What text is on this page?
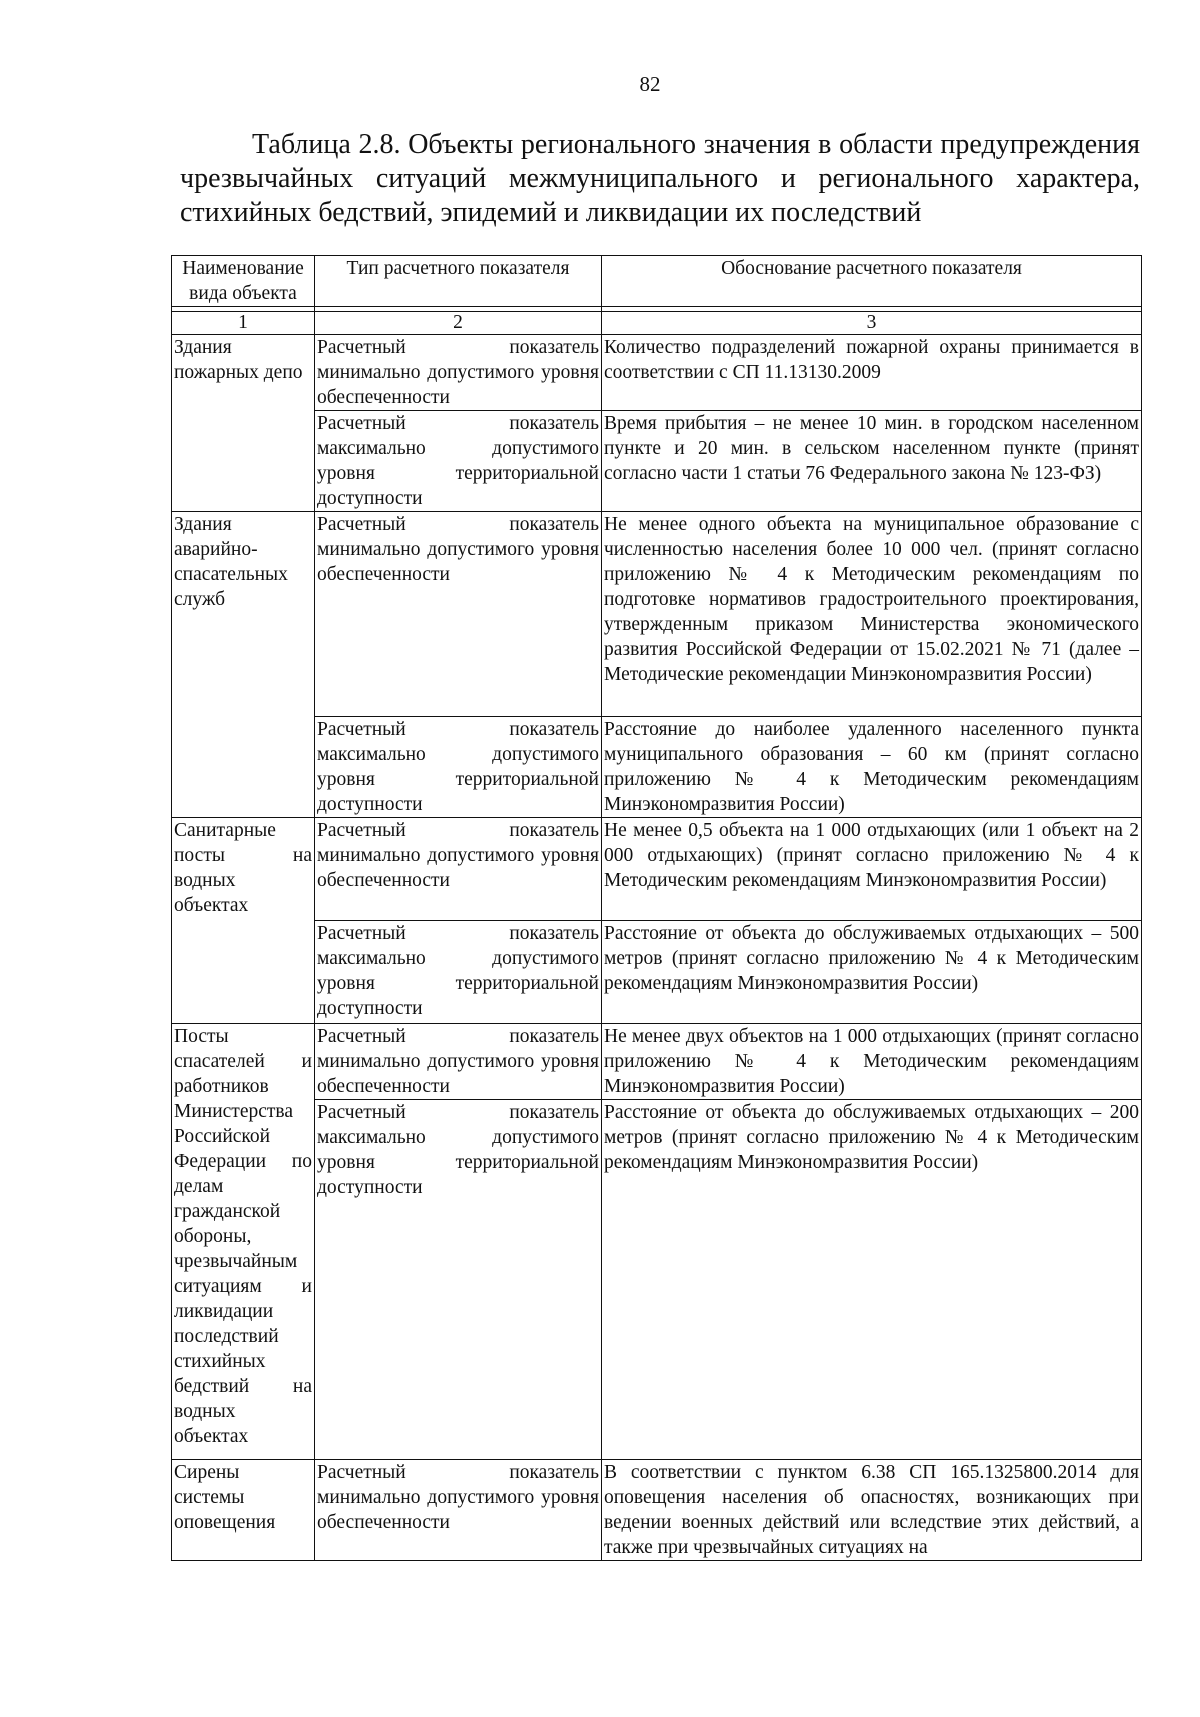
82
Таблица 2.8. Объекты регионального значения в области предупреждения чрезвычайных ситуаций межмуниципального и регионального характера, стихийных бедствий, эпидемий и ликвидации их последствий
Наименование вида объекта	Тип расчетного показателя	Обоснование расчетного показателя

1	2	3
Здания пожарных депо	Расчетный показатель минимально допустимого уровня обеспеченности	Количество подразделений пожарной охраны принимается в соответствии с СП 11.13130.2009
	Расчетный показатель максимально допустимого уровня территориальной доступности	Время прибытия – не менее 10 мин. в городском населенном пункте и 20 мин. в сельском населенном пункте (принят согласно части 1 статьи 76 Федерального закона № 123-ФЗ)
Здания аварийно-спасательных служб	Расчетный показатель минимально допустимого уровня обеспеченности	Не менее одного объекта на муниципальное образование с численностью населения более 10 000 чел. (принят согласно приложению № 4 к Методическим рекомендациям по подготовке нормативов градостроительного проектирования, утвержденным приказом Министерства экономического развития Российской Федерации от 15.02.2021 № 71 (далее – Методические рекомендации Минэкономразвития России)
	Расчетный показатель максимально допустимого уровня территориальной доступности	Расстояние до наиболее удаленного населенного пункта муниципального образования – 60 км (принят согласно приложению № 4 к Методическим рекомендациям Минэкономразвития России)
Санитарные посты на водных объектах	Расчетный показатель минимально допустимого уровня обеспеченности	Не менее 0,5 объекта на 1 000 отдыхающих (или 1 объект на 2 000 отдыхающих) (принят согласно приложению № 4 к Методическим рекомендациям Минэкономразвития России)
	Расчетный показатель максимально допустимого уровня территориальной доступности	Расстояние от объекта до обслуживаемых отдыхающих – 500 метров (принят согласно приложению № 4 к Методическим рекомендациям Минэкономразвития России)
Посты спасателей и работников Министерства Российской Федерации по делам гражданской обороны, чрезвычайным ситуациям и ликвидации последствий стихийных бедствий на водных объектах	Расчетный показатель минимально допустимого уровня обеспеченности	Не менее двух объектов на 1 000 отдыхающих (принят согласно приложению № 4 к Методическим рекомендациям Минэкономразвития России)
	Расчетный показатель максимально допустимого уровня территориальной доступности	Расстояние от объекта до обслуживаемых отдыхающих – 200 метров (принят согласно приложению № 4 к Методическим рекомендациям Минэкономразвития России)
Сирены системы оповещения	Расчетный показатель минимально допустимого уровня обеспеченности	В соответствии с пунктом 6.38 СП 165.1325800.2014 для оповещения населения об опасностях, возникающих при ведении военных действий или вследствие этих действий, а также при чрезвычайных ситуациях на
